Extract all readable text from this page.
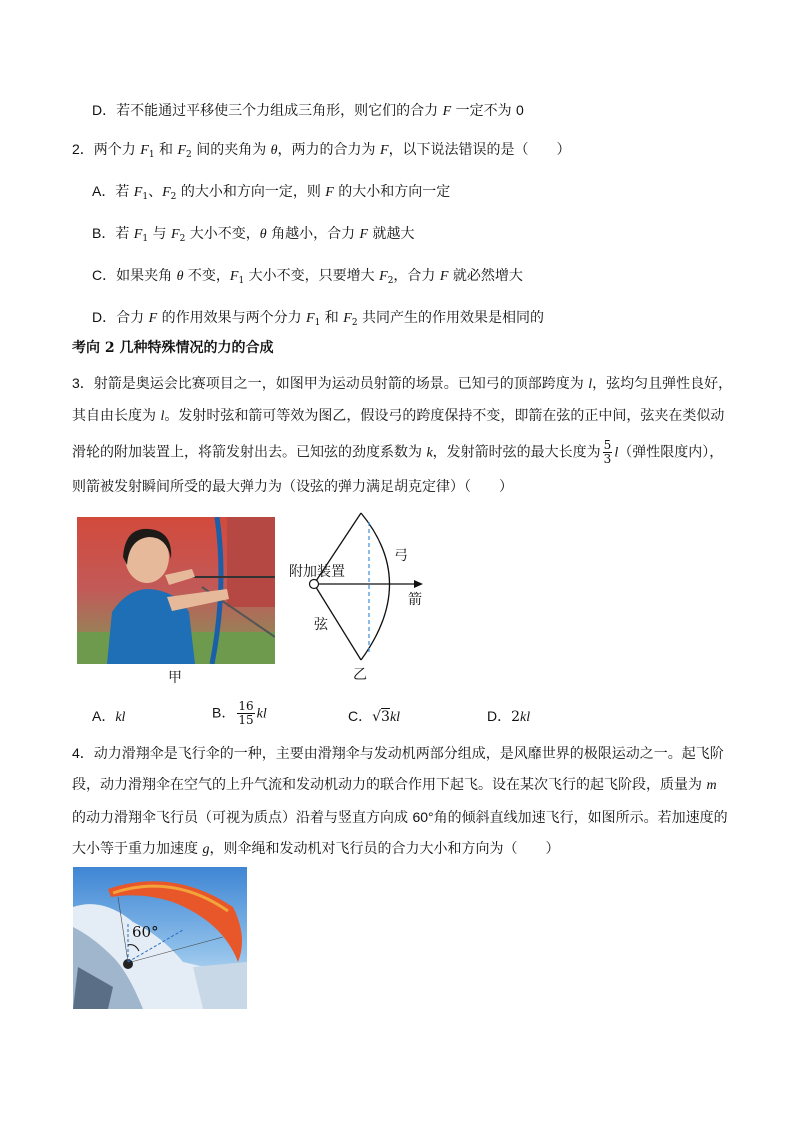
D．若不能通过平移使三个力组成三角形，则它们的合力 F 一定不为 0
2．两个力 $F_1$ 和 $F_2$ 间的夹角为 θ，两力的合力为 F，以下说法错误的是（　　）
A．若 $F_1$、$F_2$ 的大小和方向一定，则 F 的大小和方向一定
B．若 $F_1$ 与 $F_2$ 大小不变，θ 角越小，合力 F 就越大
C．如果夹角 θ 不变，$F_1$ 大小不变，只要增大 $F_2$，合力 F 就必然增大
D．合力 F 的作用效果与两个分力 $F_1$ 和 $F_2$ 共同产生的作用效果是相同的
考向 2 几种特殊情况的力的合成
3．射箭是奥运会比赛项目之一，如图甲为运动员射箭的场景。已知弓的顶部跨度为 l，弦均匀且弹性良好，
其自由长度为 l。发射时弦和箭可等效为图乙，假设弓的跨度保持不变，即箭在弦的正中间，弦夹在类似动
滑轮的附加装置上，将箭发射出去。已知弦的劲度系数为 k，发射箭时弦的最大长度为 $\frac{5}{3} l$（弹性限度内），
则箭被发射瞬间所受的最大弹力为（设弦的弹力满足胡克定律）（　　）
甲
附加装置
弓
箭
弦
乙
A．kl	B． $\frac{16}{15}$ kl	C．√3kl	D．2kl
4．动力滑翔伞是飞行伞的一种，主要由滑翔伞与发动机两部分组成，是风靡世界的极限运动之一。起飞阶
段，动力滑翔伞在空气的上升气流和发动机动力的联合作用下起飞。设在某次飞行的起飞阶段，质量为 m
的动力滑翔伞飞行员（可视为质点）沿着与竖直方向成 60°角的倾斜直线加速飞行，如图所示。若加速度的
大小等于重力加速度 g，则伞绳和发动机对飞行员的合力大小和方向为（　　）
60°
